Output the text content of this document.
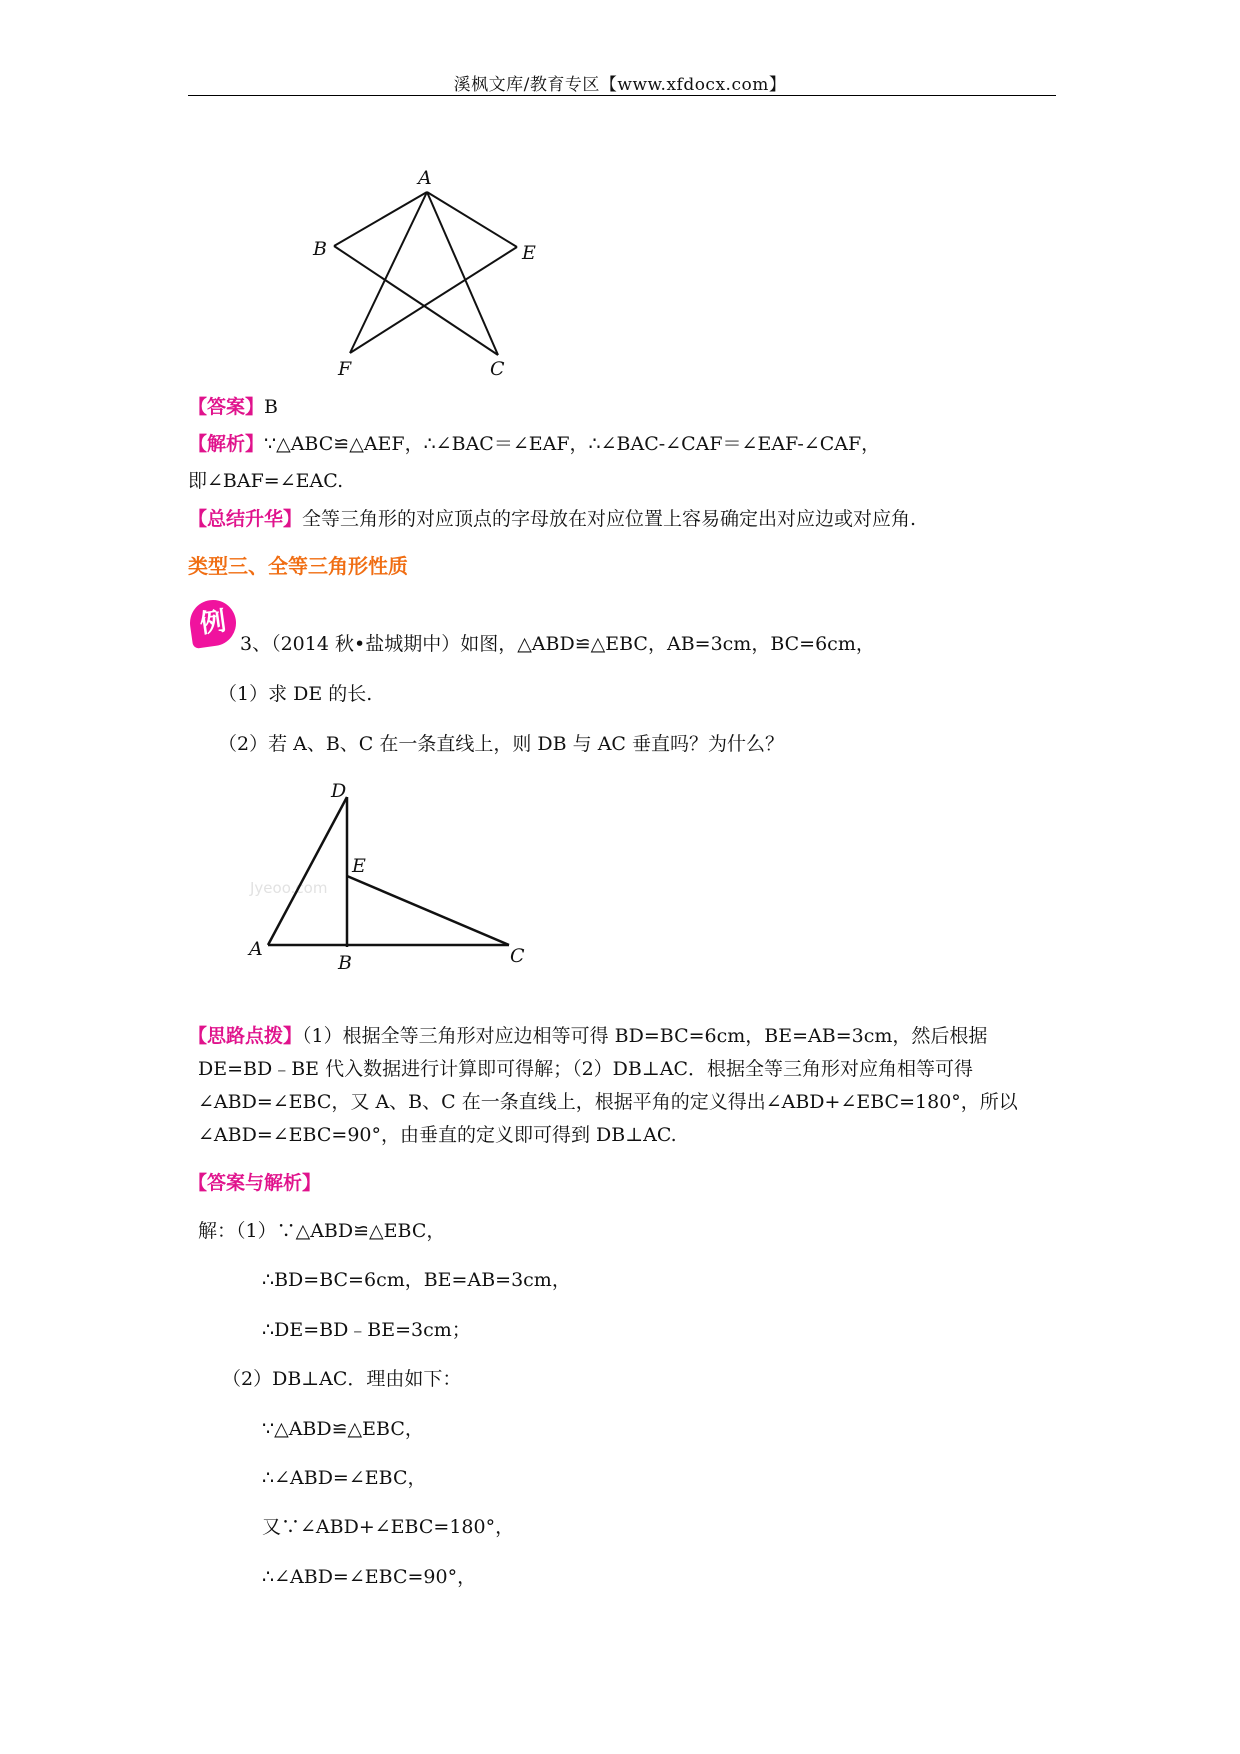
溪枫文库/教育专区【www.xfdocx.com】
A
B	E
F	C
【答案】B
【解析】∵△ABC≌△AEF，∴∠BAC＝∠EAF，∴∠BAC-∠CAF＝∠EAF-∠CAF，
即∠BAF=∠EAC.
【总结升华】全等三角形的对应顶点的字母放在对应位置上容易确定出对应边或对应角.
类型三、全等三角形性质
例
3、（2014 秋•盐城期中）如图，△ABD≌△EBC，AB=3cm，BC=6cm，
（1）求 DE 的长.
（2）若 A、B、C 在一条直线上，则 DB 与 AC 垂直吗？为什么？
Jyeoo.com
D
E
A
B	C
【思路点拨】（1）根据全等三角形对应边相等可得 BD=BC=6cm，BE=AB=3cm，然后根据
DE=BD﹣BE 代入数据进行计算即可得解；（2）DB⊥AC．根据全等三角形对应角相等可得
∠ABD=∠EBC，又 A、B、C 在一条直线上，根据平角的定义得出∠ABD+∠EBC=180°，所以
∠ABD=∠EBC=90°，由垂直的定义即可得到 DB⊥AC.
【答案与解析】
解：（1）∵△ABD≌△EBC，
∴BD=BC=6cm，BE=AB=3cm，
∴DE=BD﹣BE=3cm；
（2）DB⊥AC．理由如下：
∵△ABD≌△EBC，
∴∠ABD=∠EBC，
又∵∠ABD+∠EBC=180°，
∴∠ABD=∠EBC=90°，
